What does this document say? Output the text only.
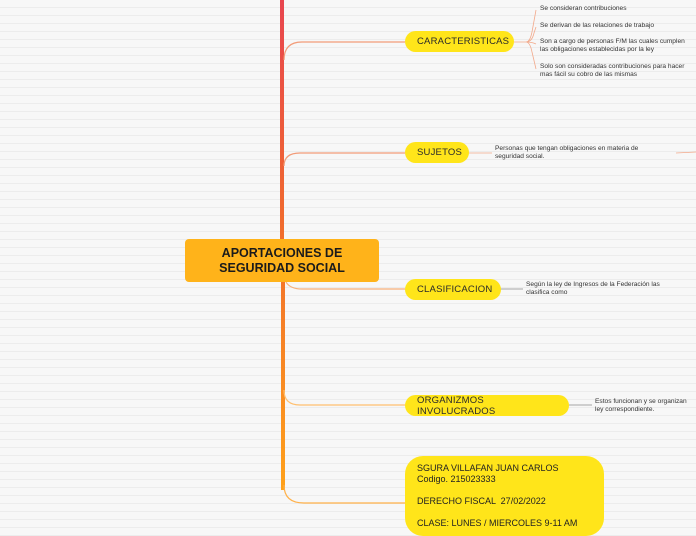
APORTACIONES DE
SEGURIDAD SOCIAL
CARACTERISTICAS
SUJETOS
CLASIFICACION
ORGANIZMOS INVOLUCRADOS
Se consideran contribuciones
Se derivan de las relaciones de trabajo
Son a cargo de personas F/M las cuales cumplen
las obligaciones establecidas por la ley
Solo son consideradas contribuciones para hacer
mas fácil su cobro de las mismas
Personas que tengan obligaciones en materia de
seguridad social.
Según la ley de Ingresos de la Federación las
clasifica como
Estos funcionan y se organizan
ley correspondiente.
SGURA VILLAFAN JUAN CARLOS
Codigo. 215023333

DERECHO FISCAL  27/02/2022

CLASE: LUNES / MIERCOLES 9-11 AM
